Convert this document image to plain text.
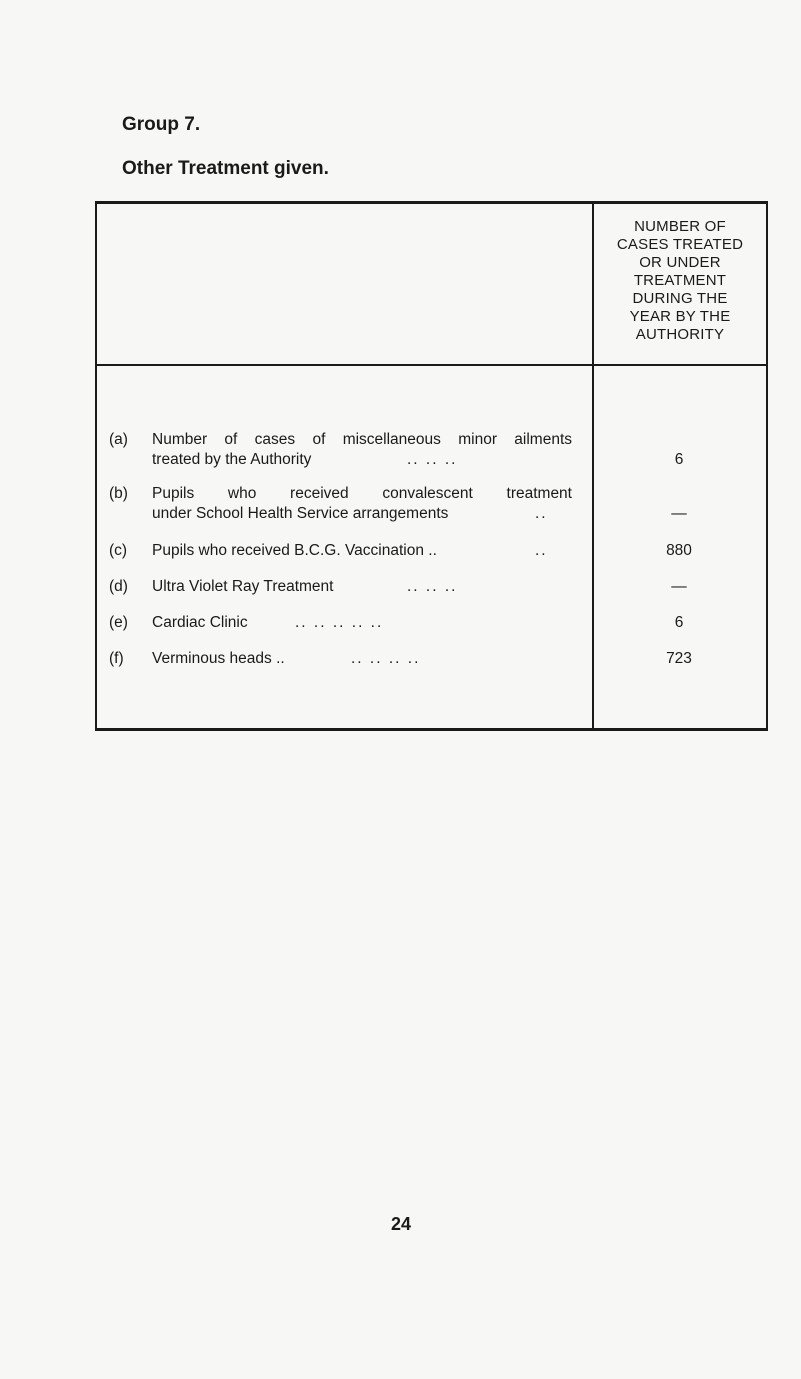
Group 7.

Other Treatment given.

NUMBER OF
CASES TREATED
OR UNDER
TREATMENT
DURING THE
YEAR BY THE
AUTHORITY

(a) Number of cases of miscellaneous minor ailments
treated by the Authority	.. .. ..	6
(b) Pupils who received convalescent treatment
under School Health Service arrangements	..	—
(c) Pupils who received B.C.G. Vaccination ..	..	880
(d) Ultra Violet Ray Treatment	.. .. ..	—
(e) Cardiac Clinic	.. .. .. .. ..	6
(f) Verminous heads ..	.. .. .. ..	723

24
